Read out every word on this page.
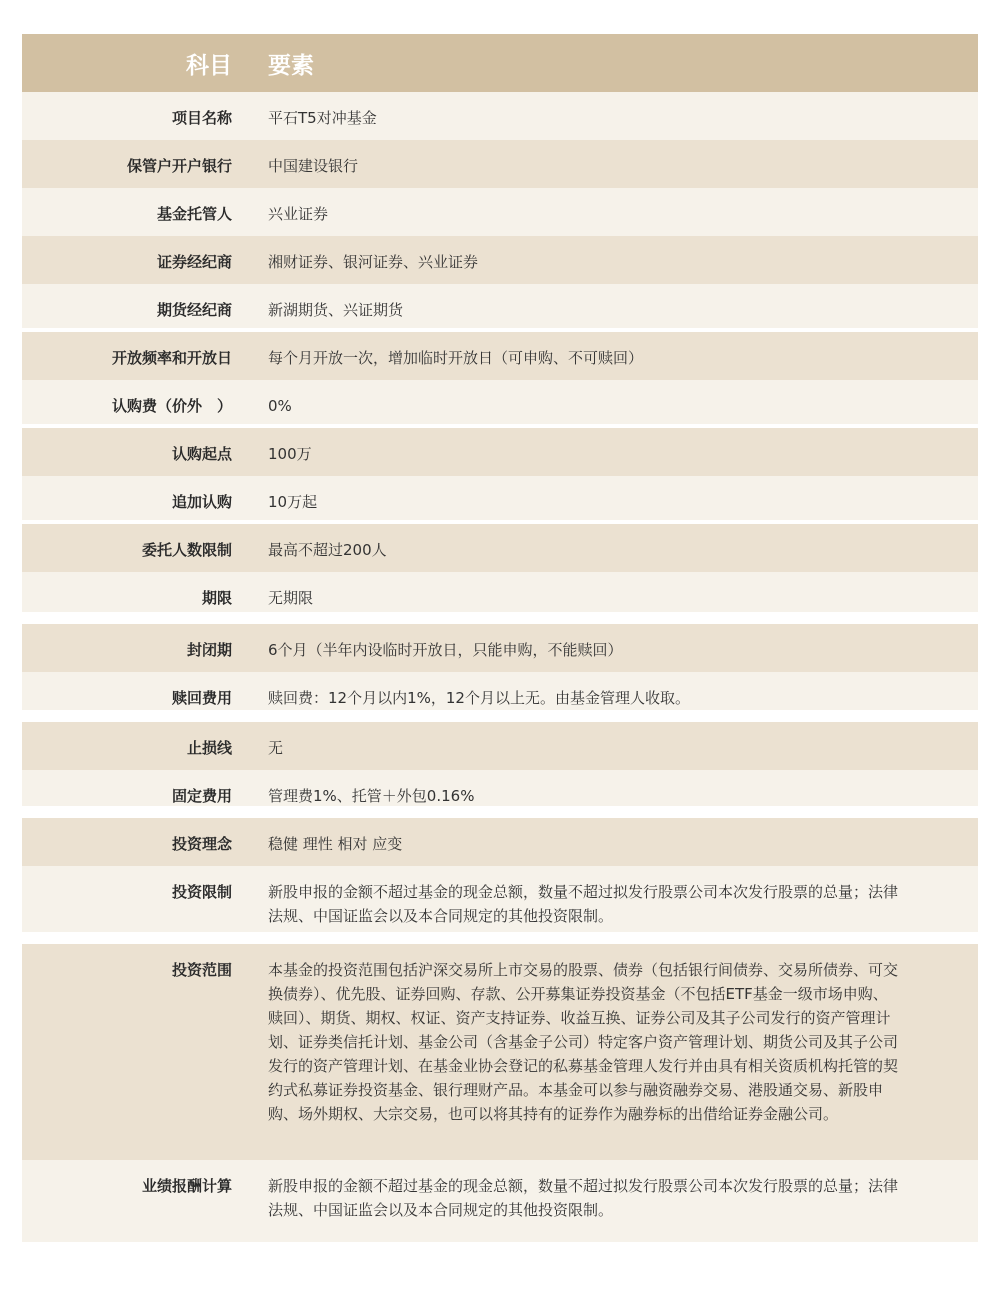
科目	要素
项目名称	平石T5对冲基金
保管户开户银行	中国建设银行
基金托管人	兴业证券
证券经纪商	湘财证券、银河证券、兴业证券
期货经纪商	新湖期货、兴证期货
开放频率和开放日	每个月开放一次，增加临时开放日（可申购、不可赎回）
认购费（价外　）	0%
认购起点	100万
追加认购	10万起
委托人数限制	最高不超过200人
期限	无期限
封闭期	6个月（半年内设临时开放日，只能申购，不能赎回）
赎回费用	赎回费：12个月以内1%，12个月以上无。由基金管理人收取。
止损线	无
固定费用	管理费1%、托管＋外包0.16%
投资理念	稳健 理性 相对 应变
投资限制	新股申报的金额不超过基金的现金总额，数量不超过拟发行股票公司本次发行股票的总量；法律法规、中国证监会以及本合同规定的其他投资限制。
投资范围	本基金的投资范围包括沪深交易所上市交易的股票、债券（包括银行间债券、交易所债券、可交换债券）、优先股、证券回购、存款、公开募集证券投资基金（不包括ETF基金一级市场申购、赎回）、期货、期权、权证、资产支持证券、收益互换、证券公司及其子公司发行的资产管理计划、证券类信托计划、基金公司（含基金子公司）特定客户资产管理计划、期货公司及其子公司发行的资产管理计划、在基金业协会登记的私募基金管理人发行并由具有相关资质机构托管的契约式私募证券投资基金、银行理财产品。本基金可以参与融资融券交易、港股通交易、新股申购、场外期权、大宗交易，也可以将其持有的证券作为融券标的出借给证券金融公司。
业绩报酬计算	新股申报的金额不超过基金的现金总额，数量不超过拟发行股票公司本次发行股票的总量；法律法规、中国证监会以及本合同规定的其他投资限制。
